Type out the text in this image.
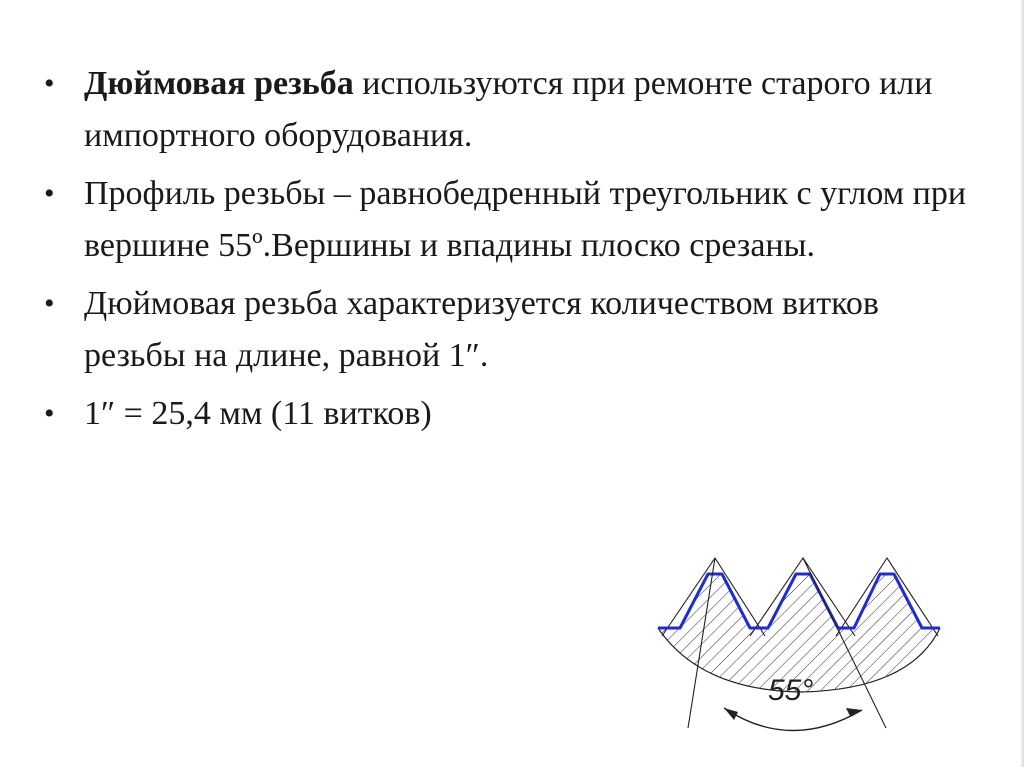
• Дюймовая резьба используются при ремонте старого или импортного оборудования.
• Профиль резьбы – равнобедренный треугольник с углом при вершине 55º.Вершины и впадины плоско срезаны.
• Дюймовая резьба характеризуется количеством витков резьбы на длине, равной 1″.
• 1″ = 25,4 мм (11 витков)
55°
